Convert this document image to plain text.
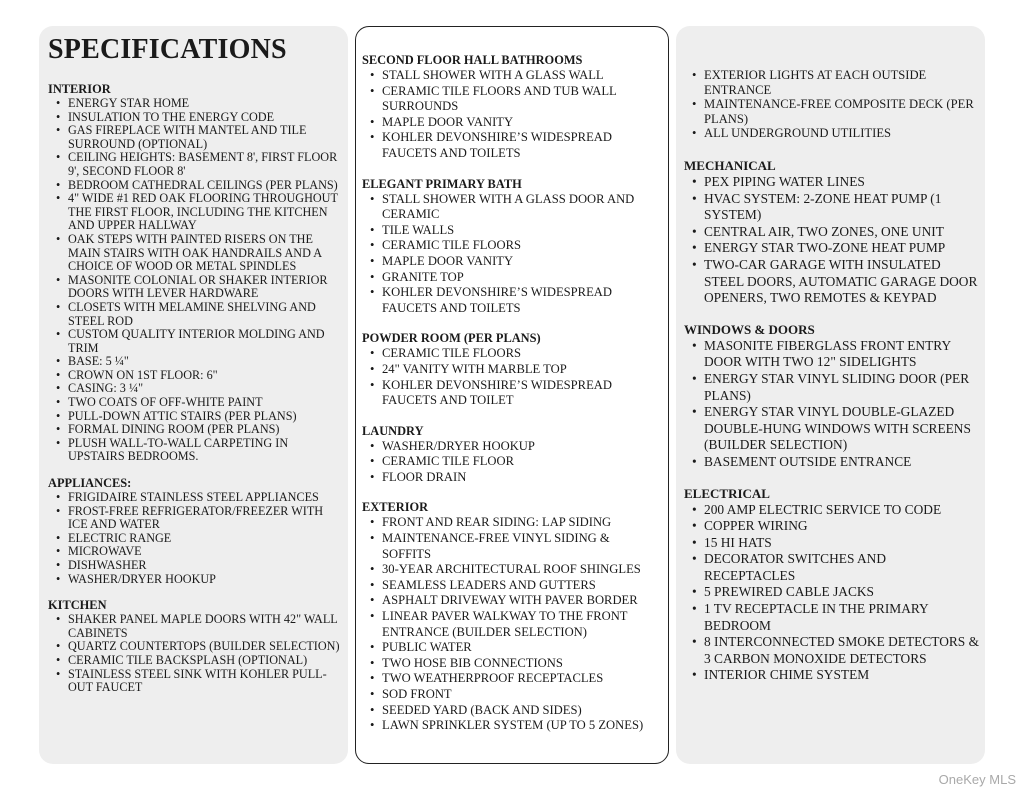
SPECIFICATIONS
INTERIOR
• ENERGY STAR HOME
• INSULATION TO THE ENERGY CODE
• GAS FIREPLACE WITH MANTEL AND TILE SURROUND (OPTIONAL)
• CEILING HEIGHTS: BASEMENT 8', FIRST FLOOR 9', SECOND FLOOR 8'
• BEDROOM CATHEDRAL CEILINGS (PER PLANS)
• 4" WIDE #1 RED OAK FLOORING THROUGHOUT THE FIRST FLOOR, INCLUDING THE KITCHEN AND UPPER HALLWAY
• OAK STEPS WITH PAINTED RISERS ON THE MAIN STAIRS WITH OAK HANDRAILS AND A CHOICE OF WOOD OR METAL SPINDLES
• MASONITE COLONIAL OR SHAKER INTERIOR DOORS WITH LEVER HARDWARE
• CLOSETS WITH MELAMINE SHELVING AND STEEL ROD
• CUSTOM QUALITY INTERIOR MOLDING AND TRIM
• BASE: 5 ¼"
• CROWN ON 1ST FLOOR: 6"
• CASING: 3 ¼"
• TWO COATS OF OFF-WHITE PAINT
• PULL-DOWN ATTIC STAIRS (PER PLANS)
• FORMAL DINING ROOM (PER PLANS)
• PLUSH WALL-TO-WALL CARPETING IN UPSTAIRS BEDROOMS.
APPLIANCES:
• FRIGIDAIRE STAINLESS STEEL APPLIANCES
• FROST-FREE REFRIGERATOR/FREEZER WITH ICE AND WATER
• ELECTRIC RANGE
• MICROWAVE
• DISHWASHER
• WASHER/DRYER HOOKUP
KITCHEN
• SHAKER PANEL MAPLE DOORS WITH 42" WALL CABINETS
• QUARTZ COUNTERTOPS (BUILDER SELECTION)
• CERAMIC TILE BACKSPLASH (OPTIONAL)
• STAINLESS STEEL SINK WITH KOHLER PULL-OUT FAUCET
SECOND FLOOR HALL BATHROOMS
• STALL SHOWER WITH A GLASS WALL
• CERAMIC TILE FLOORS AND TUB WALL SURROUNDS
• MAPLE DOOR VANITY
• KOHLER DEVONSHIRE’S WIDESPREAD FAUCETS AND TOILETS
ELEGANT PRIMARY BATH
• STALL SHOWER WITH A GLASS DOOR AND CERAMIC
• TILE WALLS
• CERAMIC TILE FLOORS
• MAPLE DOOR VANITY
• GRANITE TOP
• KOHLER DEVONSHIRE’S WIDESPREAD FAUCETS AND TOILETS
POWDER ROOM (PER PLANS)
• CERAMIC TILE FLOORS
• 24" VANITY WITH MARBLE TOP
• KOHLER DEVONSHIRE’S WIDESPREAD FAUCETS AND TOILET
LAUNDRY
• WASHER/DRYER HOOKUP
• CERAMIC TILE FLOOR
• FLOOR DRAIN
EXTERIOR
• FRONT AND REAR SIDING: LAP SIDING
• MAINTENANCE-FREE VINYL SIDING & SOFFITS
• 30-YEAR ARCHITECTURAL ROOF SHINGLES
• SEAMLESS LEADERS AND GUTTERS
• ASPHALT DRIVEWAY WITH PAVER BORDER
• LINEAR PAVER WALKWAY TO THE FRONT ENTRANCE (BUILDER SELECTION)
• PUBLIC WATER
• TWO HOSE BIB CONNECTIONS
• TWO WEATHERPROOF RECEPTACLES
• SOD FRONT
• SEEDED YARD (BACK AND SIDES)
• LAWN SPRINKLER SYSTEM (UP TO 5 ZONES)
• EXTERIOR LIGHTS AT EACH OUTSIDE ENTRANCE
• MAINTENANCE-FREE COMPOSITE DECK (PER PLANS)
• ALL UNDERGROUND UTILITIES
MECHANICAL
• PEX PIPING WATER LINES
• HVAC SYSTEM: 2-ZONE HEAT PUMP (1 SYSTEM)
• CENTRAL AIR, TWO ZONES, ONE UNIT
• ENERGY STAR TWO-ZONE HEAT PUMP
• TWO-CAR GARAGE WITH INSULATED STEEL DOORS, AUTOMATIC GARAGE DOOR OPENERS, TWO REMOTES & KEYPAD
WINDOWS & DOORS
• MASONITE FIBERGLASS FRONT ENTRY DOOR WITH TWO 12" SIDELIGHTS
• ENERGY STAR VINYL SLIDING DOOR (PER PLANS)
• ENERGY STAR VINYL DOUBLE-GLAZED DOUBLE-HUNG WINDOWS WITH SCREENS (BUILDER SELECTION)
• BASEMENT OUTSIDE ENTRANCE
ELECTRICAL
• 200 AMP ELECTRIC SERVICE TO CODE
• COPPER WIRING
• 15 HI HATS
• DECORATOR SWITCHES AND RECEPTACLES
• 5 PREWIRED CABLE JACKS
• 1 TV RECEPTACLE IN THE PRIMARY BEDROOM
• 8 INTERCONNECTED SMOKE DETECTORS & 3 CARBON MONOXIDE DETECTORS
• INTERIOR CHIME SYSTEM
OneKey MLS
